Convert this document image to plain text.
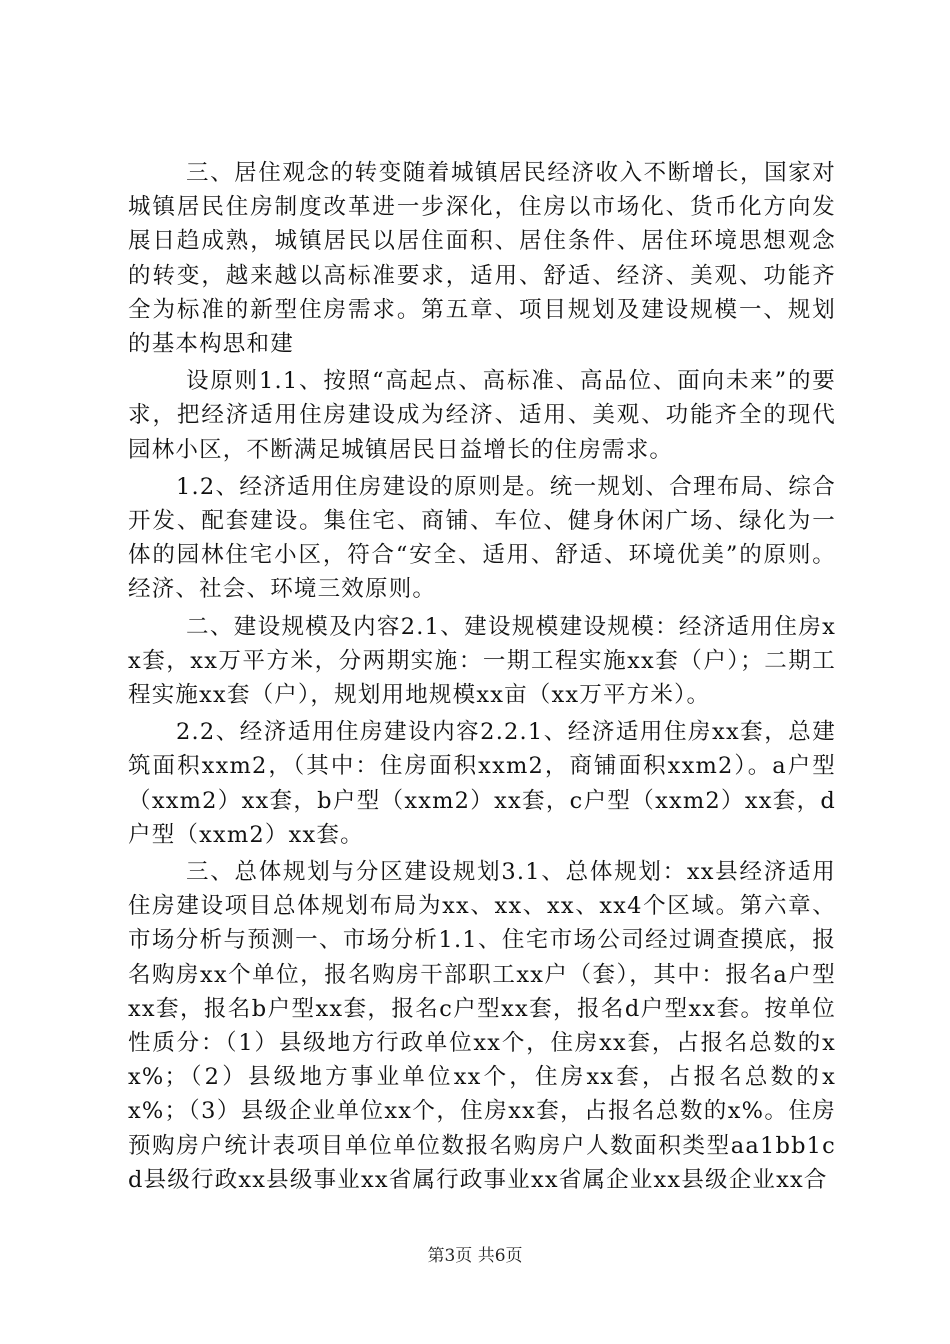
三、居住观念的转变随着城镇居民经济收入不断增长，国家对城镇居民住房制度改革进一步深化，住房以市场化、货币化方向发展日趋成熟，城镇居民以居住面积、居住条件、居住环境思想观念的转变，越来越以高标准要求，适用、舒适、经济、美观、功能齐全为标准的新型住房需求。第五章、项目规划及建设规模一、规划的基本构思和建

设原则1.1、按照“高起点、高标准、高品位、面向未来”的要求，把经济适用住房建设成为经济、适用、美观、功能齐全的现代园林小区，不断满足城镇居民日益增长的住房需求。

1.2、经济适用住房建设的原则是。统一规划、合理布局、综合开发、配套建设。集住宅、商铺、车位、健身休闲广场、绿化为一体的园林住宅小区，符合“安全、适用、舒适、环境优美”的原则。经济、社会、环境三效原则。

二、建设规模及内容2.1、建设规模建设规模：经济适用住房xx套，xx万平方米，分两期实施：一期工程实施xx套（户）；二期工程实施xx套（户），规划用地规模xx亩（xx万平方米）。

2.2、经济适用住房建设内容2.2.1、经济适用住房xx套，总建筑面积xxm2，（其中：住房面积xxm2，商铺面积xxm2）。a户型（xxm2）xx套，b户型（xxm2）xx套，c户型（xxm2）xx套，d户型（xxm2）xx套。

三、总体规划与分区建设规划3.1、总体规划：xx县经济适用住房建设项目总体规划布局为xx、xx、xx、xx4个区域。第六章、市场分析与预测一、市场分析1.1、住宅市场公司经过调查摸底，报名购房xx个单位，报名购房干部职工xx户（套），其中：报名a户型xx套，报名b户型xx套，报名c户型xx套，报名d户型xx套。按单位性质分：（1）县级地方行政单位xx个，住房xx套，占报名总数的xx%；（2）县级地方事业单位xx个，住房xx套，占报名总数的xx%；（3）县级企业单位xx个，住房xx套，占报名总数的x%。住房预购房户统计表项目单位单位数报名购房户人数面积类型aa1bb1cd县级行政xx县级事业xx省属行政事业xx省属企业xx县级企业xx合

第3页 共6页
